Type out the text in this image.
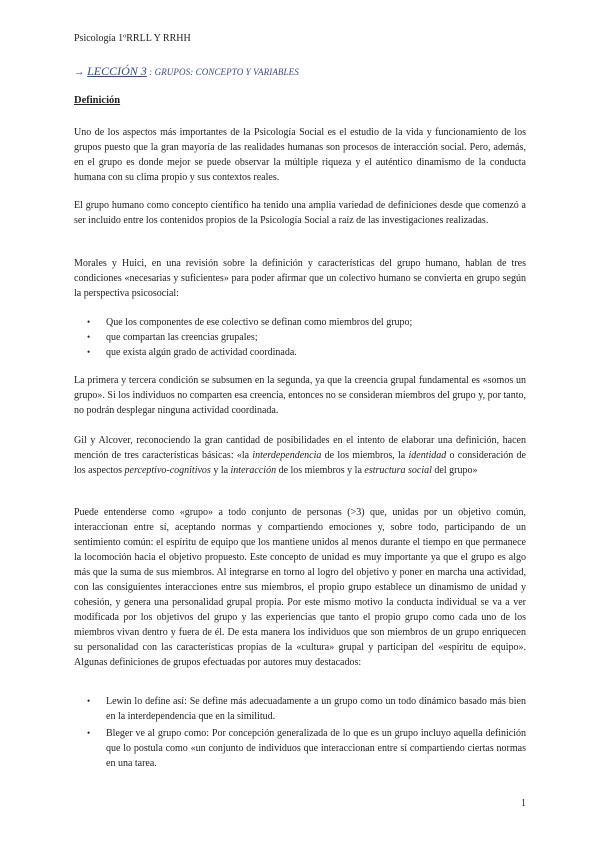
Psicología 1ºRRLL Y RRHH
→ LECCIÓN 3 : GRUPOS: CONCEPTO Y VARIABLES
Definición

Uno de los aspectos más importantes de la Psicología Social es el estudio de la vida y funcionamiento de los grupos puesto que la gran mayoría de las realidades humanas son procesos de interacción social. Pero, además, en el grupo es donde mejor se puede observar la múltiple riqueza y el auténtico dinamismo de la conducta humana con su clima propio y sus contextos reales.

El grupo humano como concepto científico ha tenido una amplia variedad de definiciones desde que comenzó a ser incluido entre los contenidos propios de la Psicología Social a raíz de las investigaciones realizadas.

Morales y Huici, en una revisión sobre la definición y características del grupo humano, hablan de tres condiciones «necesarias y suficientes» para poder afirmar que un colectivo humano se convierta en grupo según la perspectiva psicosocial:

• Que los componentes de ese colectivo se definan como miembros del grupo;
• que compartan las creencias grupales;
• que exista algún grado de actividad coordinada.

La primera y tercera condición se subsumen en la segunda, ya que la creencia grupal fundamental es «somos un grupo». Si los individuos no comparten esa creencia, entonces no se consideran miembros del grupo y, por tanto, no podrán desplegar ninguna actividad coordinada.

Gil y Alcover, reconociendo la gran cantidad de posibilidades en el intento de elaborar una definición, hacen mención de tres características básicas: «la interdependencia de los miembros, la identidad o consideración de los aspectos perceptivo-cognitivos y la interacción de los miembros y la estructura social del grupo»

Puede entenderse como «grupo» a todo conjunto de personas (>3) que, unidas por un objetivo común, interaccionan entre sí, aceptando normas y compartiendo emociones y, sobre todo, participando de un sentimiento común: el espíritu de equipo que los mantiene unidos al menos durante el tiempo en que permanece la locomoción hacia el objetivo propuesto. Este concepto de unidad es muy importante ya que el grupo es algo más que la suma de sus miembros. Al integrarse en torno al logro del objetivo y poner en marcha una actividad, con las consiguientes interacciones entre sus miembros, el propio grupo establece un dinamismo de unidad y cohesión, y genera una personalidad grupal propia. Por este mismo motivo la conducta individual se va a ver modificada por los objetivos del grupo y las experiencias que tanto el propio grupo como cada uno de los miembros vivan dentro y fuera de él. De esta manera los individuos que son miembros de un grupo enriquecen su personalidad con las características propias de la «cultura» grupal y participan del «espíritu de equipo». Algunas definiciones de grupos efectuadas por autores muy destacados:

• Lewin lo define así: Se define más adecuadamente a un grupo como un todo dinámico basado más bien en la interdependencia que en la similitud.
• Bleger ve al grupo como: Por concepción generalizada de lo que es un grupo incluyo aquella definición que lo postula como «un conjunto de individuos que interaccionan entre sí compartiendo ciertas normas en una tarea.
1
